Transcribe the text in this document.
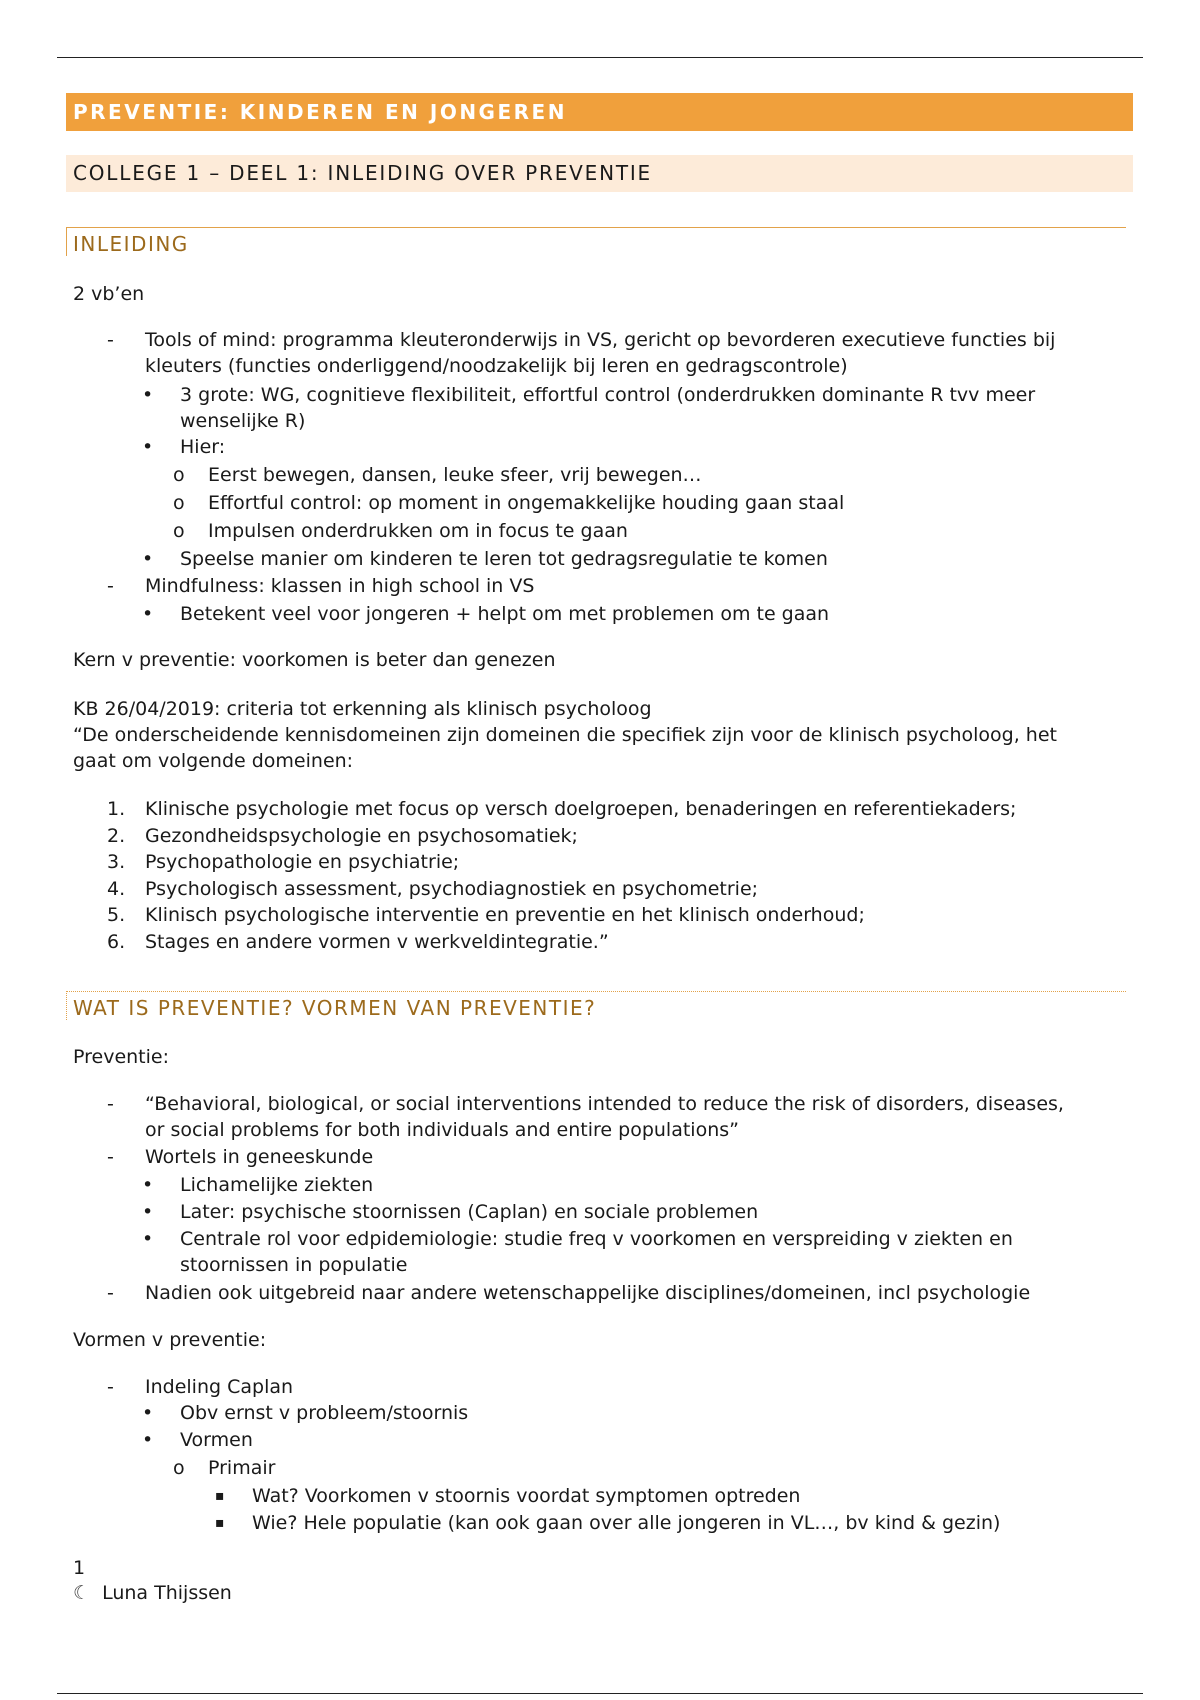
PREVENTIE: KINDEREN EN JONGEREN
COLLEGE 1 – DEEL 1: INLEIDING OVER PREVENTIE
INLEIDING
2 vb’en
- Tools of mind: programma kleuteronderwijs in VS, gericht op bevorderen executieve functies bij
kleuters (functies onderliggend/noodzakelijk bij leren en gedragscontrole)
• 3 grote: WG, cognitieve flexibiliteit, effortful control (onderdrukken dominante R tvv meer
wenselijke R)
• Hier:
o Eerst bewegen, dansen, leuke sfeer, vrij bewegen…
o Effortful control: op moment in ongemakkelijke houding gaan staal
o Impulsen onderdrukken om in focus te gaan
• Speelse manier om kinderen te leren tot gedragsregulatie te komen
- Mindfulness: klassen in high school in VS
• Betekent veel voor jongeren + helpt om met problemen om te gaan
Kern v preventie: voorkomen is beter dan genezen
KB 26/04/2019: criteria tot erkenning als klinisch psycholoog
“De onderscheidende kennisdomeinen zijn domeinen die specifiek zijn voor de klinisch psycholoog, het
gaat om volgende domeinen:
1. Klinische psychologie met focus op versch doelgroepen, benaderingen en referentiekaders;
2. Gezondheidspsychologie en psychosomatiek;
3. Psychopathologie en psychiatrie;
4. Psychologisch assessment, psychodiagnostiek en psychometrie;
5. Klinisch psychologische interventie en preventie en het klinisch onderhoud;
6. Stages en andere vormen v werkveldintegratie.”
WAT IS PREVENTIE? VORMEN VAN PREVENTIE?
Preventie:
- “Behavioral, biological, or social interventions intended to reduce the risk of disorders, diseases,
or social problems for both individuals and entire populations”
- Wortels in geneeskunde
• Lichamelijke ziekten
• Later: psychische stoornissen (Caplan) en sociale problemen
• Centrale rol voor edpidemiologie: studie freq v voorkomen en verspreiding v ziekten en
stoornissen in populatie
- Nadien ook uitgebreid naar andere wetenschappelijke disciplines/domeinen, incl psychologie
Vormen v preventie:
- Indeling Caplan
• Obv ernst v probleem/stoornis
• Vormen
o Primair
▪ Wat? Voorkomen v stoornis voordat symptomen optreden
▪ Wie? Hele populatie (kan ook gaan over alle jongeren in VL…, bv kind & gezin)
1
☾ Luna Thijssen
